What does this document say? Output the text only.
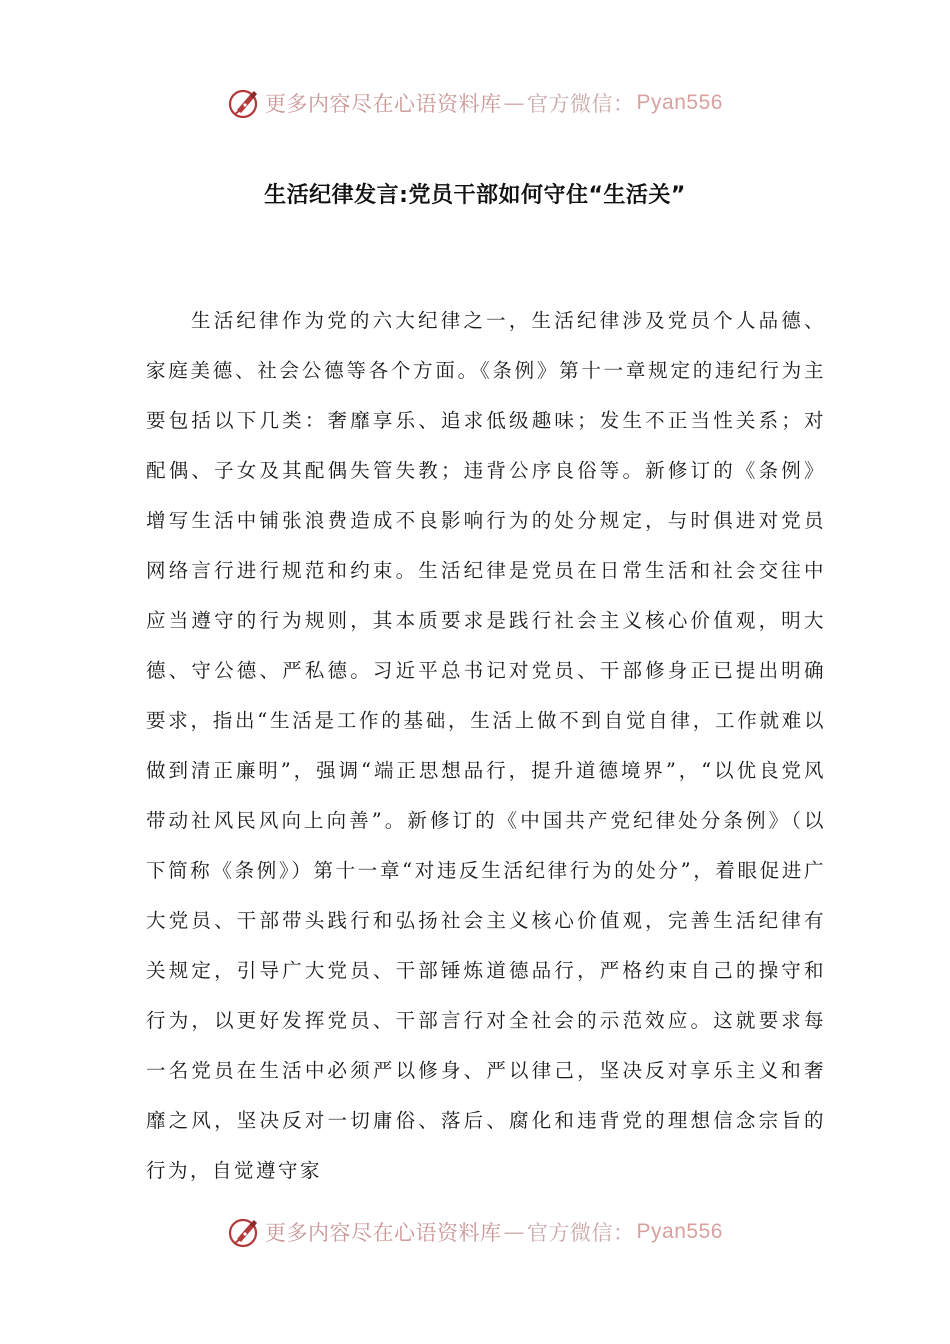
更多内容尽在心语资料库 — 官方微信： Pyan556
生活纪律发言:党员干部如何守住“生活关”

生活纪律作为党的六大纪律之一，生活纪律涉及党员个人品德、家庭美德、社会公德等各个方面。《条例》第十一章规定的违纪行为主要包括以下几类：奢靡享乐、追求低级趣味；发生不正当性关系；对配偶、子女及其配偶失管失教；违背公序良俗等。新修订的《条例》增写生活中铺张浪费造成不良影响行为的处分规定，与时俱进对党员网络言行进行规范和约束。生活纪律是党员在日常生活和社会交往中应当遵守的行为规则，其本质要求是践行社会主义核心价值观，明大德、守公德、严私德。习近平总书记对党员、干部修身正已提出明确要求，指出“生活是工作的基础，生活上做不到自觉自律，工作就难以做到清正廉明”，强调“端正思想品行，提升道德境界”，“以优良党风带动社风民风向上向善”。新修订的《中国共产党纪律处分条例》（以下简称《条例》）第十一章“对违反生活纪律行为的处分”，着眼促进广大党员、干部带头践行和弘扬社会主义核心价值观，完善生活纪律有关规定，引导广大党员、干部锤炼道德品行，严格约束自己的操守和行为，以更好发挥党员、干部言行对全社会的示范效应。这就要求每一名党员在生活中必须严以修身、严以律己，坚决反对享乐主义和奢靡之风，坚决反对一切庸俗、落后、腐化和违背党的理想信念宗旨的行为，自觉遵守家

更多内容尽在心语资料库 — 官方微信： Pyan556
